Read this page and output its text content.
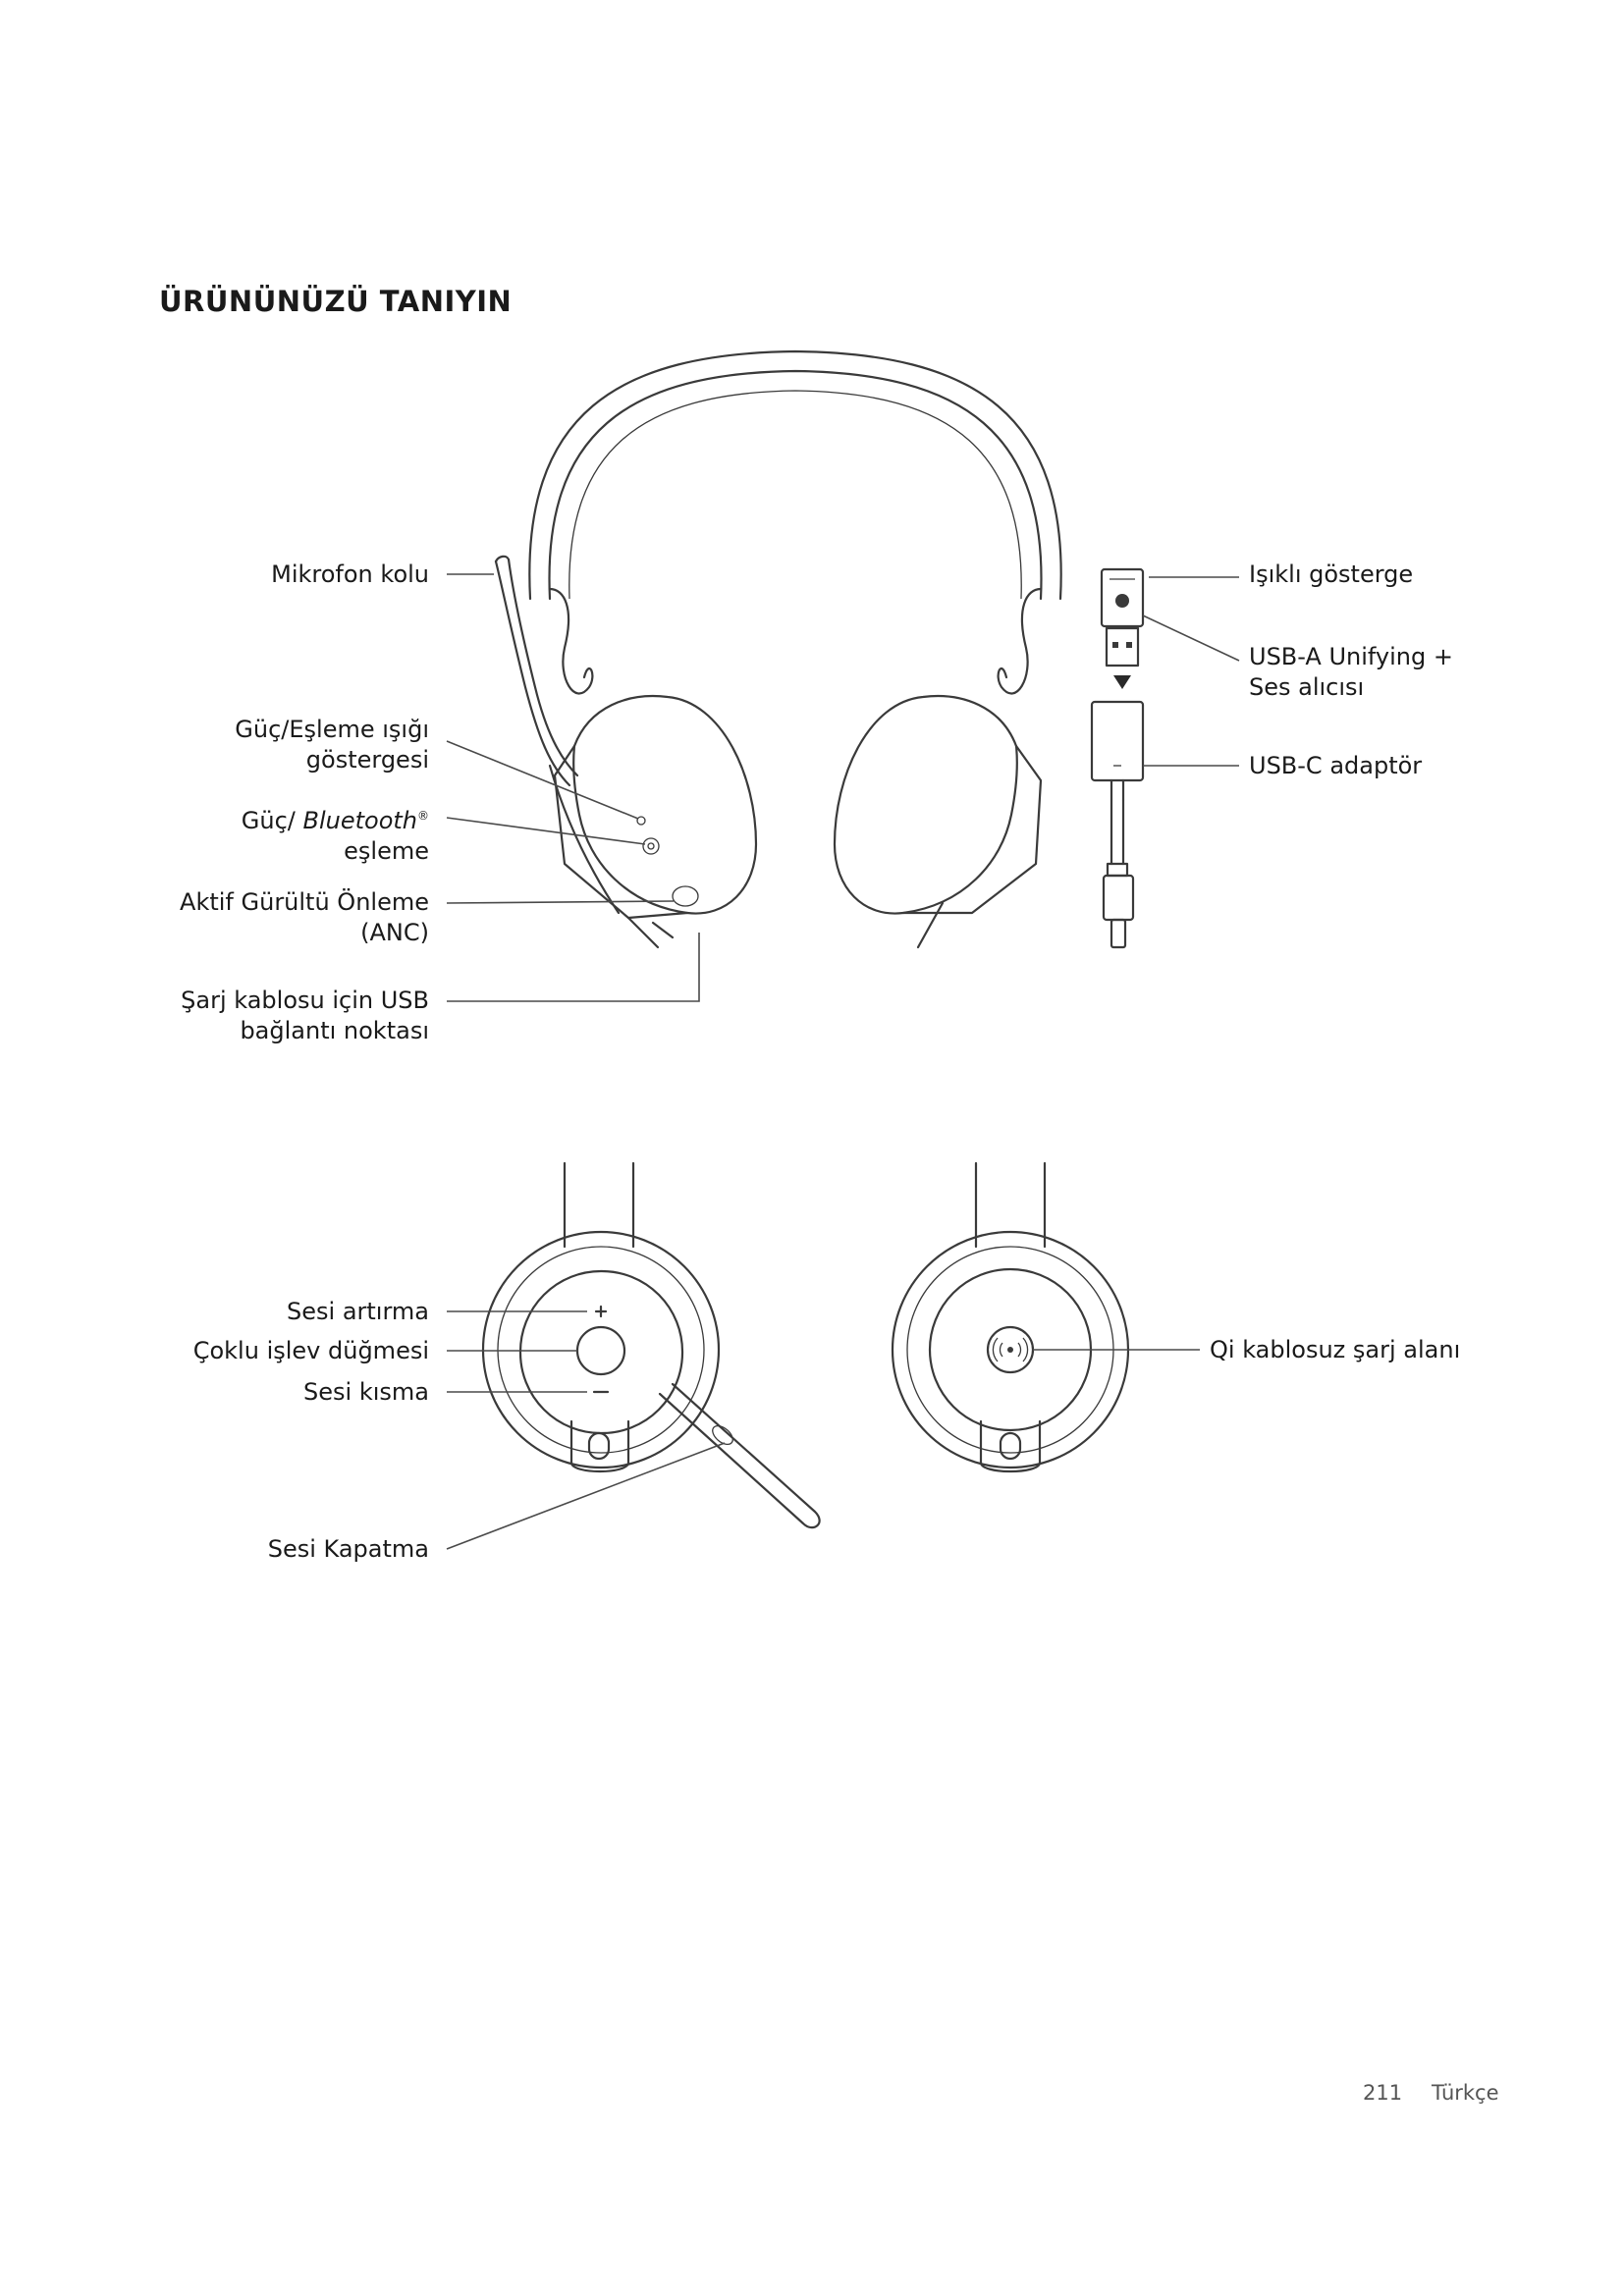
ÜRÜNÜNÜZÜ TANIYIN
Mikrofon kolu
Güç/Eşleme ışığı
göstergesi
Güç/ Bluetooth®
eşleme
Aktif Gürültü Önleme
(ANC)
Şarj kablosu için USB
bağlantı noktası
Işıklı gösterge
USB-A Unifying +
Ses alıcısı
USB-C adaptör
Sesi artırma
Çoklu işlev düğmesi
Sesi kısma
Sesi Kapatma
Qi kablosuz şarj alanı
211 Türkçe
